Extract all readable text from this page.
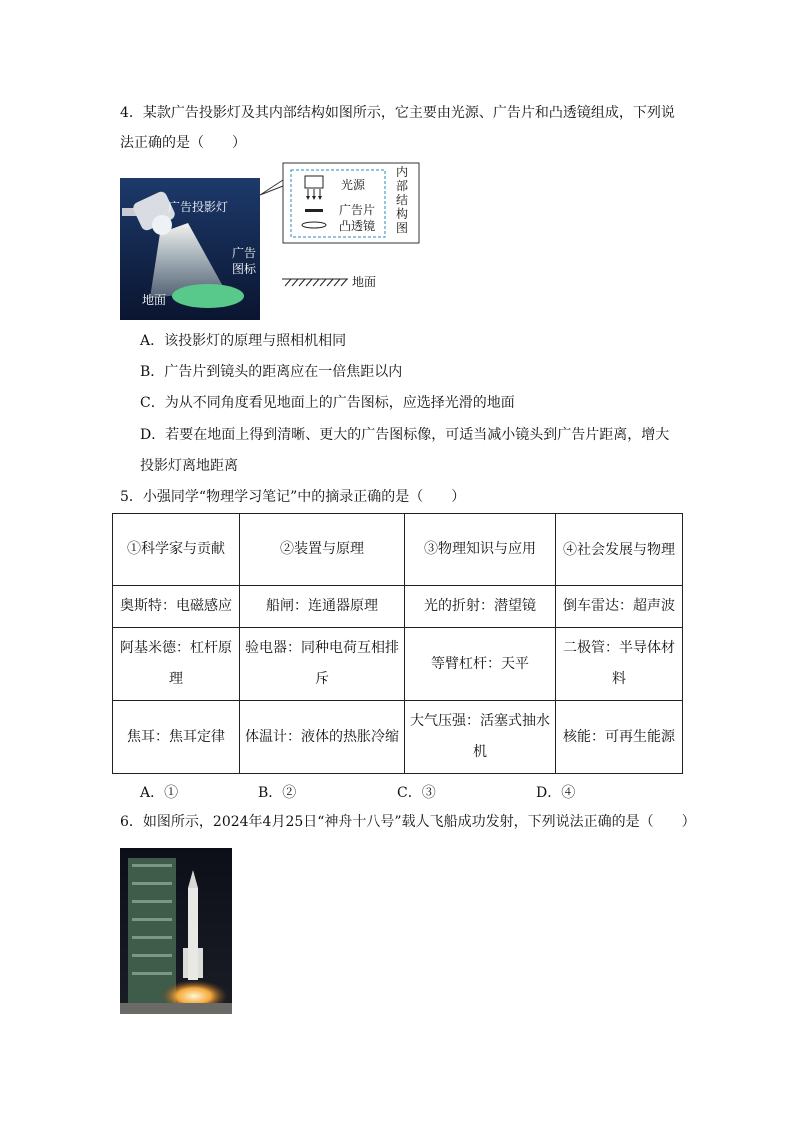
4．某款广告投影灯及其内部结构如图所示，它主要由光源、广告片和凸透镜组成，下列说
法正确的是（　　）
广告投影灯
广告
图标
地面
光源
广告片
凸透镜
内
部
结
构
图
地面
A．该投影灯的原理与照相机相同
B．广告片到镜头的距离应在一倍焦距以内
C．为从不同角度看见地面上的广告图标，应选择光滑的地面
D．若要在地面上得到清晰、更大的广告图标像，可适当减小镜头到广告片距离，增大
投影灯离地距离
5．小强同学“物理学习笔记”中的摘录正确的是（　　）
①科学家与贡献	②装置与原理	③物理知识与应用	④社会发展与物理
奥斯特：电磁感应	船闸：连通器原理	光的折射：潜望镜	倒车雷达：超声波
阿基米德：杠杆原理	验电器：同种电荷互相排斥	等臂杠杆：天平	二极管：半导体材料
焦耳：焦耳定律	体温计：液体的热胀冷缩	大气压强：活塞式抽水机	核能：可再生能源
A．①	B．②	C．③	D．④
6．如图所示，2024年4月25日“神舟十八号”载人飞船成功发射，下列说法正确的是（　　）
